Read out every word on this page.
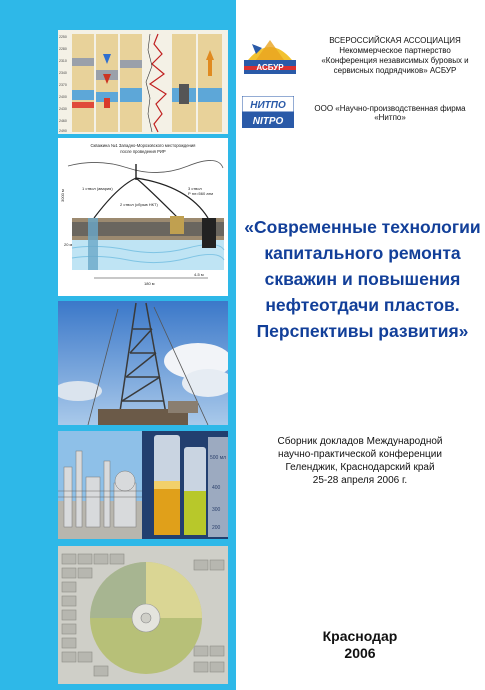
2250
2280
2310
2340
2370
2400
2430
2460
2490
Скважина №1 Западно-Морозовского месторождения
после проведения РИР
1 ствол (авария)
2 ствол (сбрыв НКТ)
3 ствол
P пл=560 атм
3000 м
20 м
180 м
4-5 м
500 мл
400
300
200
АСБУР
ВСЕРОССИЙСКАЯ АССОЦИАЦИЯ
Некоммерческое партнерство
«Конференция независимых буровых и
сервисных подрядчиков» АСБУР
НИТПО
NITPO
ООО «Научно-производственная фирма «Нитпо»
«Современные технологии
капитального ремонта
скважин и повышения
нефтеотдачи пластов.
Перспективы развития»
Сборник докладов Международной
научно-практической конференции
Геленджик, Краснодарский край
25-28 апреля 2006 г.
Краснодар
2006
